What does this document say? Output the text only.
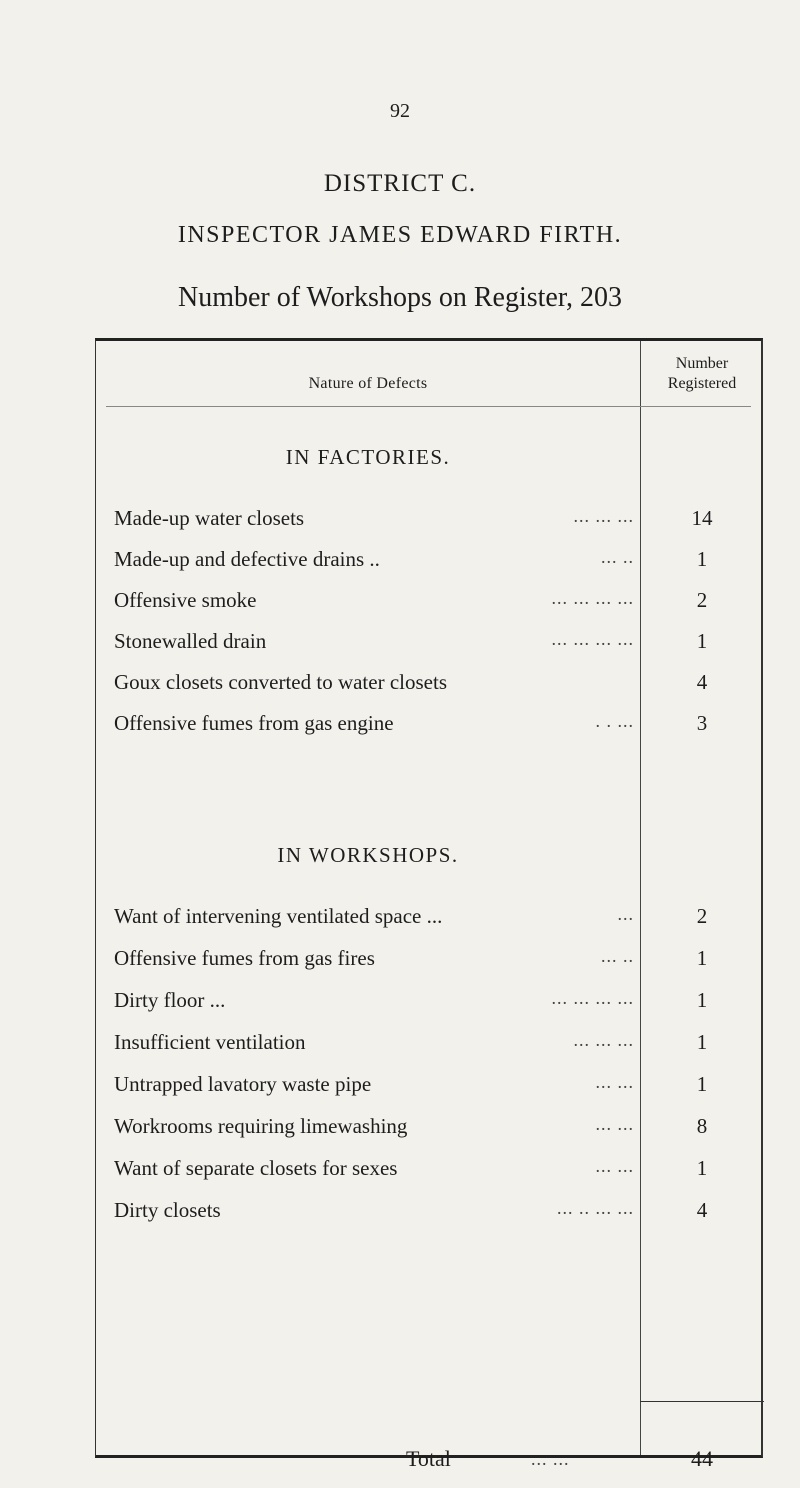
92
DISTRICT C.
INSPECTOR JAMES EDWARD FIRTH.
Number of Workshops on Register, 203
Nature of Defects
Number
Registered
IN FACTORIES.
Made-up water closets	... ... ...	14
Made-up and defective drains ..	... ..	1
Offensive smoke	... ... ... ...	2
Stonewalled drain	... ... ... ...	1
Goux closets converted to water closets	4
Offensive fumes from gas engine	. . ...	3
IN WORKSHOPS.
Want of intervening ventilated space ...	...	2
Offensive fumes from gas fires	... ..	1
Dirty floor ...	... ... ... ...	1
Insufficient ventilation	... ... ...	1
Untrapped lavatory waste pipe	... ...	1
Workrooms requiring limewashing	... ...	8
Want of separate closets for sexes	... ...	1
Dirty closets	... .. ... ...	4
Total	... ...	44
